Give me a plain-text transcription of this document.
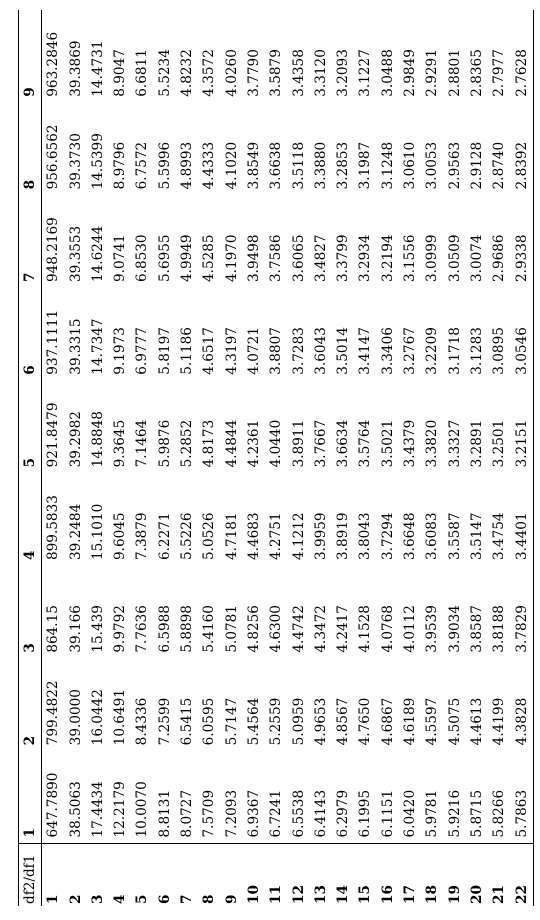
df2/df1	1	2	3	4	5	6	7	8	9
1	647.7890	799.4822	864.15	899.5833	921.8479	937.1111	948.2169	956.6562	963.2846
2	38.5063	39.0000	39.166	39.2484	39.2982	39.3315	39.3553	39.3730	39.3869
3	17.4434	16.0442	15.439	15.1010	14.8848	14.7347	14.6244	14.5399	14.4731
4	12.2179	10.6491	9.9792	9.6045	9.3645	9.1973	9.0741	8.9796	8.9047
5	10.0070	8.4336	7.7636	7.3879	7.1464	6.9777	6.8530	6.7572	6.6811
6	8.8131	7.2599	6.5988	6.2271	5.9876	5.8197	5.6955	5.5996	5.5234
7	8.0727	6.5415	5.8898	5.5226	5.2852	5.1186	4.9949	4.8993	4.8232
8	7.5709	6.0595	5.4160	5.0526	4.8173	4.6517	4.5285	4.4333	4.3572
9	7.2093	5.7147	5.0781	4.7181	4.4844	4.3197	4.1970	4.1020	4.0260
10	6.9367	5.4564	4.8256	4.4683	4.2361	4.0721	3.9498	3.8549	3.7790
11	6.7241	5.2559	4.6300	4.2751	4.0440	3.8807	3.7586	3.6638	3.5879
12	6.5538	5.0959	4.4742	4.1212	3.8911	3.7283	3.6065	3.5118	3.4358
13	6.4143	4.9653	4.3472	3.9959	3.7667	3.6043	3.4827	3.3880	3.3120
14	6.2979	4.8567	4.2417	3.8919	3.6634	3.5014	3.3799	3.2853	3.2093
15	6.1995	4.7650	4.1528	3.8043	3.5764	3.4147	3.2934	3.1987	3.1227
16	6.1151	4.6867	4.0768	3.7294	3.5021	3.3406	3.2194	3.1248	3.0488
17	6.0420	4.6189	4.0112	3.6648	3.4379	3.2767	3.1556	3.0610	2.9849
18	5.9781	4.5597	3.9539	3.6083	3.3820	3.2209	3.0999	3.0053	2.9291
19	5.9216	4.5075	3.9034	3.5587	3.3327	3.1718	3.0509	2.9563	2.8801
20	5.8715	4.4613	3.8587	3.5147	3.2891	3.1283	3.0074	2.9128	2.8365
21	5.8266	4.4199	3.8188	3.4754	3.2501	3.0895	2.9686	2.8740	2.7977
22	5.7863	4.3828	3.7829	3.4401	3.2151	3.0546	2.9338	2.8392	2.7628
